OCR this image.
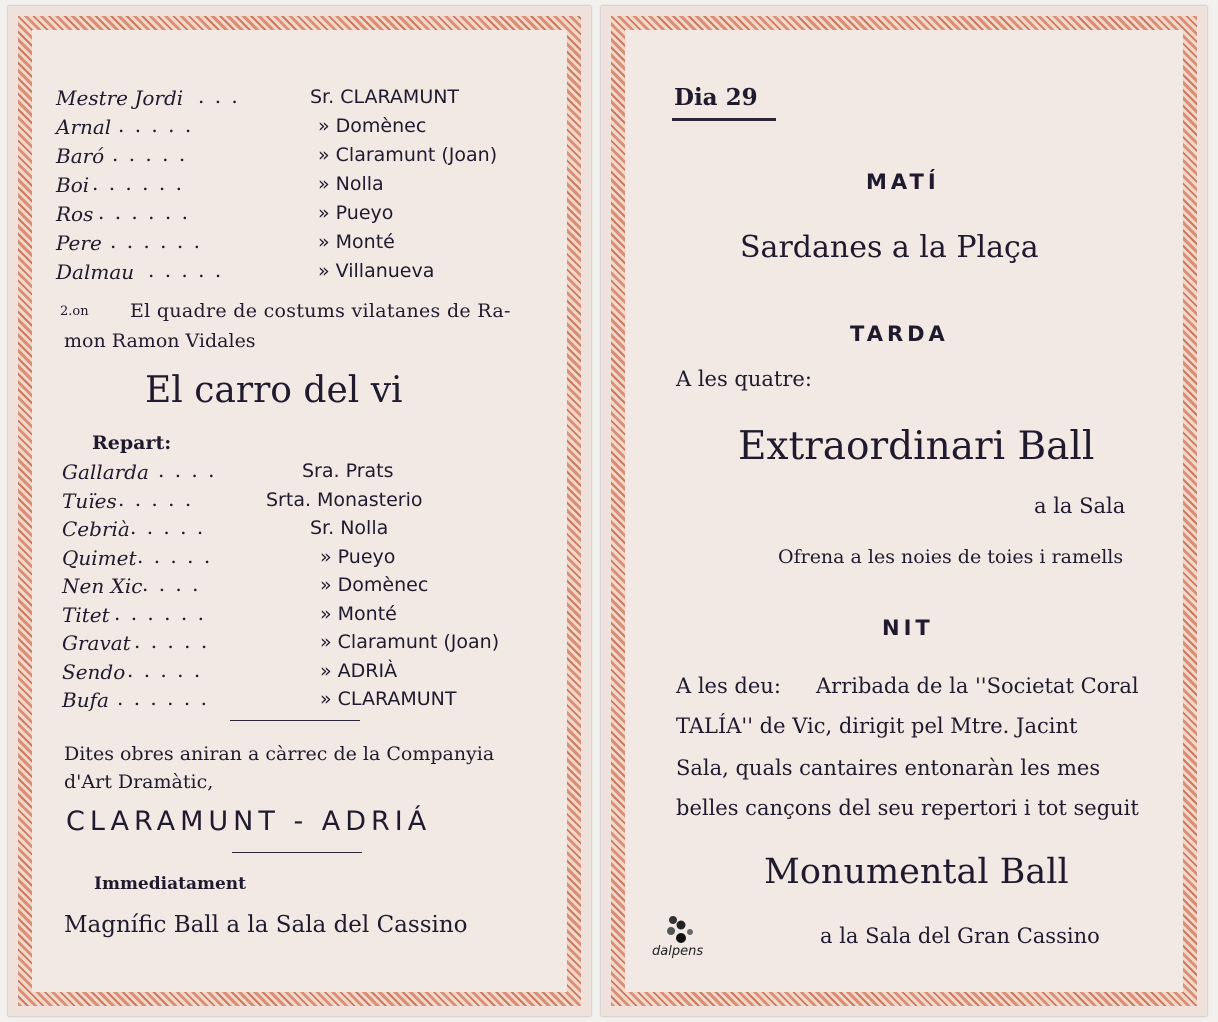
Mestre Jordi . . .	Sr. CLARAMUNT
Arnal . . . . .	» Domènec
Baró . . . . .	» Claramunt (Joan)
Boi . . . . . .	» Nolla
Ros . . . . . .	» Pueyo
Pere . . . . . .	» Monté
Dalmau . . . . .	» Villanueva
2.on El quadre de costums vilatanes de Ra-
mon Ramon Vidales
El carro del vi
Repart:
Gallarda . . . .	Sra. Prats
Tuïes . . . . .	Srta. Monasterio
Cebrià . . . . .	Sr. Nolla
Quimet . . . . .	» Pueyo
Nen Xic . . . .	» Domènec
Titet . . . . . .	» Monté
Gravat . . . . .	» Claramunt (Joan)
Sendo . . . . .	» ADRIÀ
Bufa . . . . . .	» CLARAMUNT
Dites obres aniran a càrrec de la Companyia
d'Art Dramàtic,
CLARAMUNT - ADRIÁ
Immediatament
Magnífic Ball a la Sala del Cassino
Dia 29
MATÍ
Sardanes a la Plaça
TARDA
A les quatre:
Extraordinari Ball
a la Sala
Ofrena a les noies de toies i ramells
NIT
A les deu: Arribada de la ''Societat Coral
TALÍA'' de Vic, dirigit pel Mtre. Jacint
Sala, quals cantaires entonaràn les mes
belles cançons del seu repertori i tot seguit
Monumental Ball
a la Sala del Gran Cassino
dalpens
